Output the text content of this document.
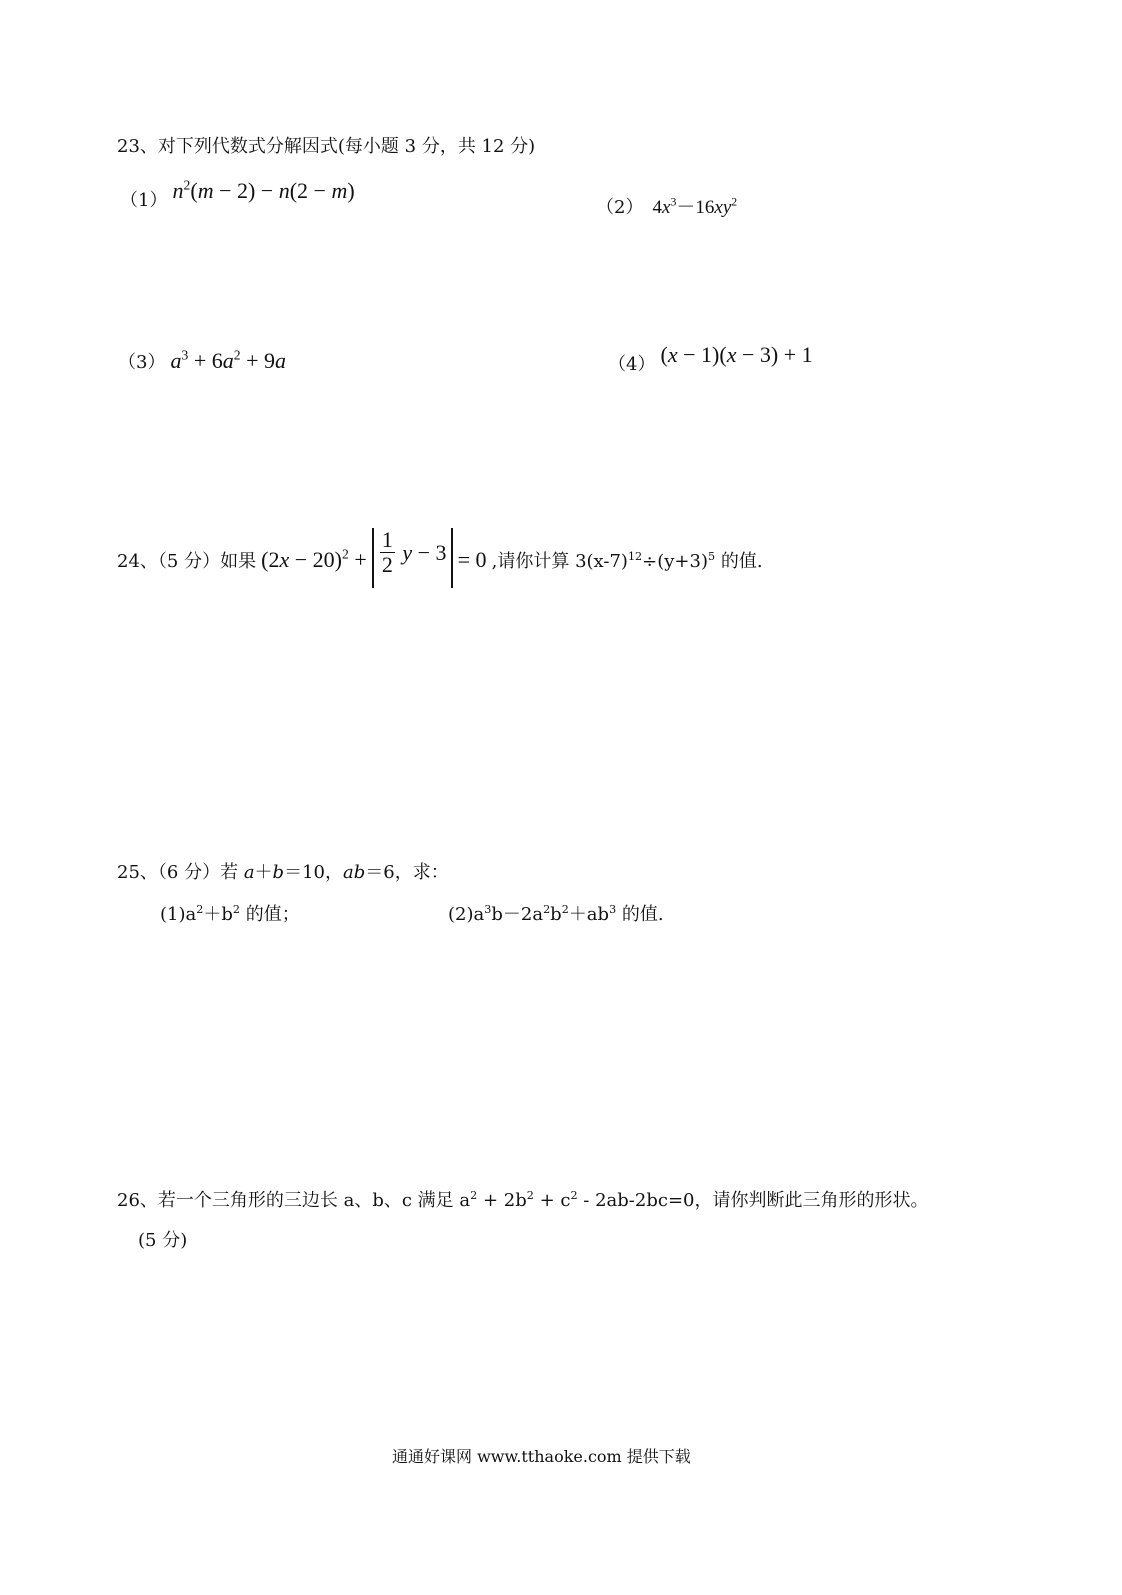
23、对下列代数式分解因式(每小题 3 分，共 12 分)
（1） $n^2(m - 2) - n(2 - m)$
（2） $4x^3-16xy^2$
（3） $a^3 + 6a^2 + 9a$	（4） (x − 1)(x − 3) + 1
24、（5 分）如果 $(2x - 20)^2 + \frac{1}{2}$ y − 3 = 0 ,请你计算 $3(x-7)^{12}\div(y+3)^5$ 的值.
25、（6 分）若 a＋b＝10，ab＝6，求：
$(1)a^2+b^2$ 的值；	$(2)a^3b-2a^2b^2+ab^3$ 的值.
26、若一个三角形的三边长 a、b、c 满足 $a^2 + 2b^2 + c^2 - 2ab-2bc=0$，请你判断此三角形的形状。
(5 分)
通通好课网 www.tthaoke.com 提供下载
